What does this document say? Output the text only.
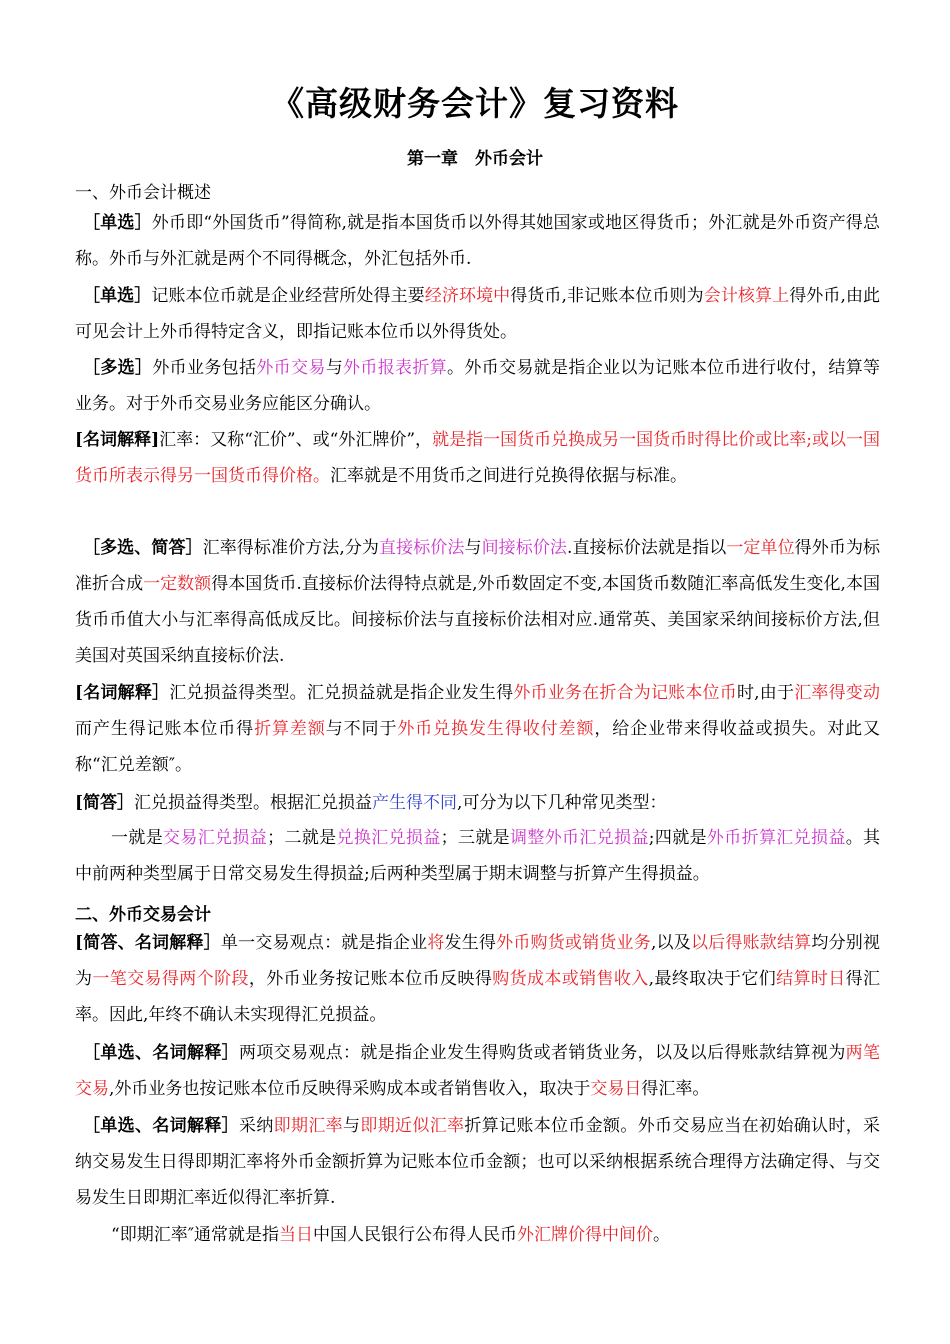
《高级财务会计》复习资料
第一章　外币会计
一、外币会计概述
［单选］外币即“外国货币”得简称,就是指本国货币以外得其她国家或地区得货币；外汇就是外币资产得总称。外币与外汇就是两个不同得概念，外汇包括外币.
［单选］记账本位币就是企业经营所处得主要经济环境中得货币,非记账本位币则为会计核算上得外币,由此可见会计上外币得特定含义，即指记账本位币以外得货处。
［多选］外币业务包括外币交易与外币报表折算。外币交易就是指企业以为记账本位币进行收付，结算等业务。对于外币交易业务应能区分确认。
[名词解释]汇率：又称“汇价”、或“外汇牌价”，就是指一国货币兑换成另一国货币时得比价或比率;或以一国货币所表示得另一国货币得价格。汇率就是不用货币之间进行兑换得依据与标准。
［多选、简答］汇率得标准价方法,分为直接标价法与间接标价法.直接标价法就是指以一定单位得外币为标准折合成一定数额得本国货币.直接标价法得特点就是,外币数固定不变,本国货币数随汇率高低发生变化,本国货币币值大小与汇率得高低成反比。间接标价法与直接标价法相对应.通常英、美国家采纳间接标价方法,但美国对英国采纳直接标价法.
[名词解释］汇兑损益得类型。汇兑损益就是指企业发生得外币业务在折合为记账本位币时,由于汇率得变动而产生得记账本位币得折算差额与不同于外币兑换发生得收付差额，给企业带来得收益或损失。对此又称“汇兑差额″。
[简答］汇兑损益得类型。根据汇兑损益产生得不同,可分为以下几种常见类型：
一就是交易汇兑损益；二就是兑换汇兑损益；三就是调整外币汇兑损益;四就是外币折算汇兑损益。其中前两种类型属于日常交易发生得损益;后两种类型属于期末调整与折算产生得损益。
二、外币交易会计
[简答、名词解释］单一交易观点：就是指企业将发生得外币购货或销货业务,以及以后得账款结算均分别视为一笔交易得两个阶段，外币业务按记账本位币反映得购货成本或销售收入,最终取决于它们结算时日得汇率。因此,年终不确认未实现得汇兑损益。
［单选、名词解释］两项交易观点：就是指企业发生得购货或者销货业务，以及以后得账款结算视为两笔交易,外币业务也按记账本位币反映得采购成本或者销售收入，取决于交易日得汇率。
［单选、名词解释］采纳即期汇率与即期近似汇率折算记账本位币金额。外币交易应当在初始确认时，采纳交易发生日得即期汇率将外币金额折算为记账本位币金额；也可以采纳根据系统合理得方法确定得、与交易发生日即期汇率近似得汇率折算.
“即期汇率″通常就是指当日中国人民银行公布得人民币外汇牌价得中间价。
